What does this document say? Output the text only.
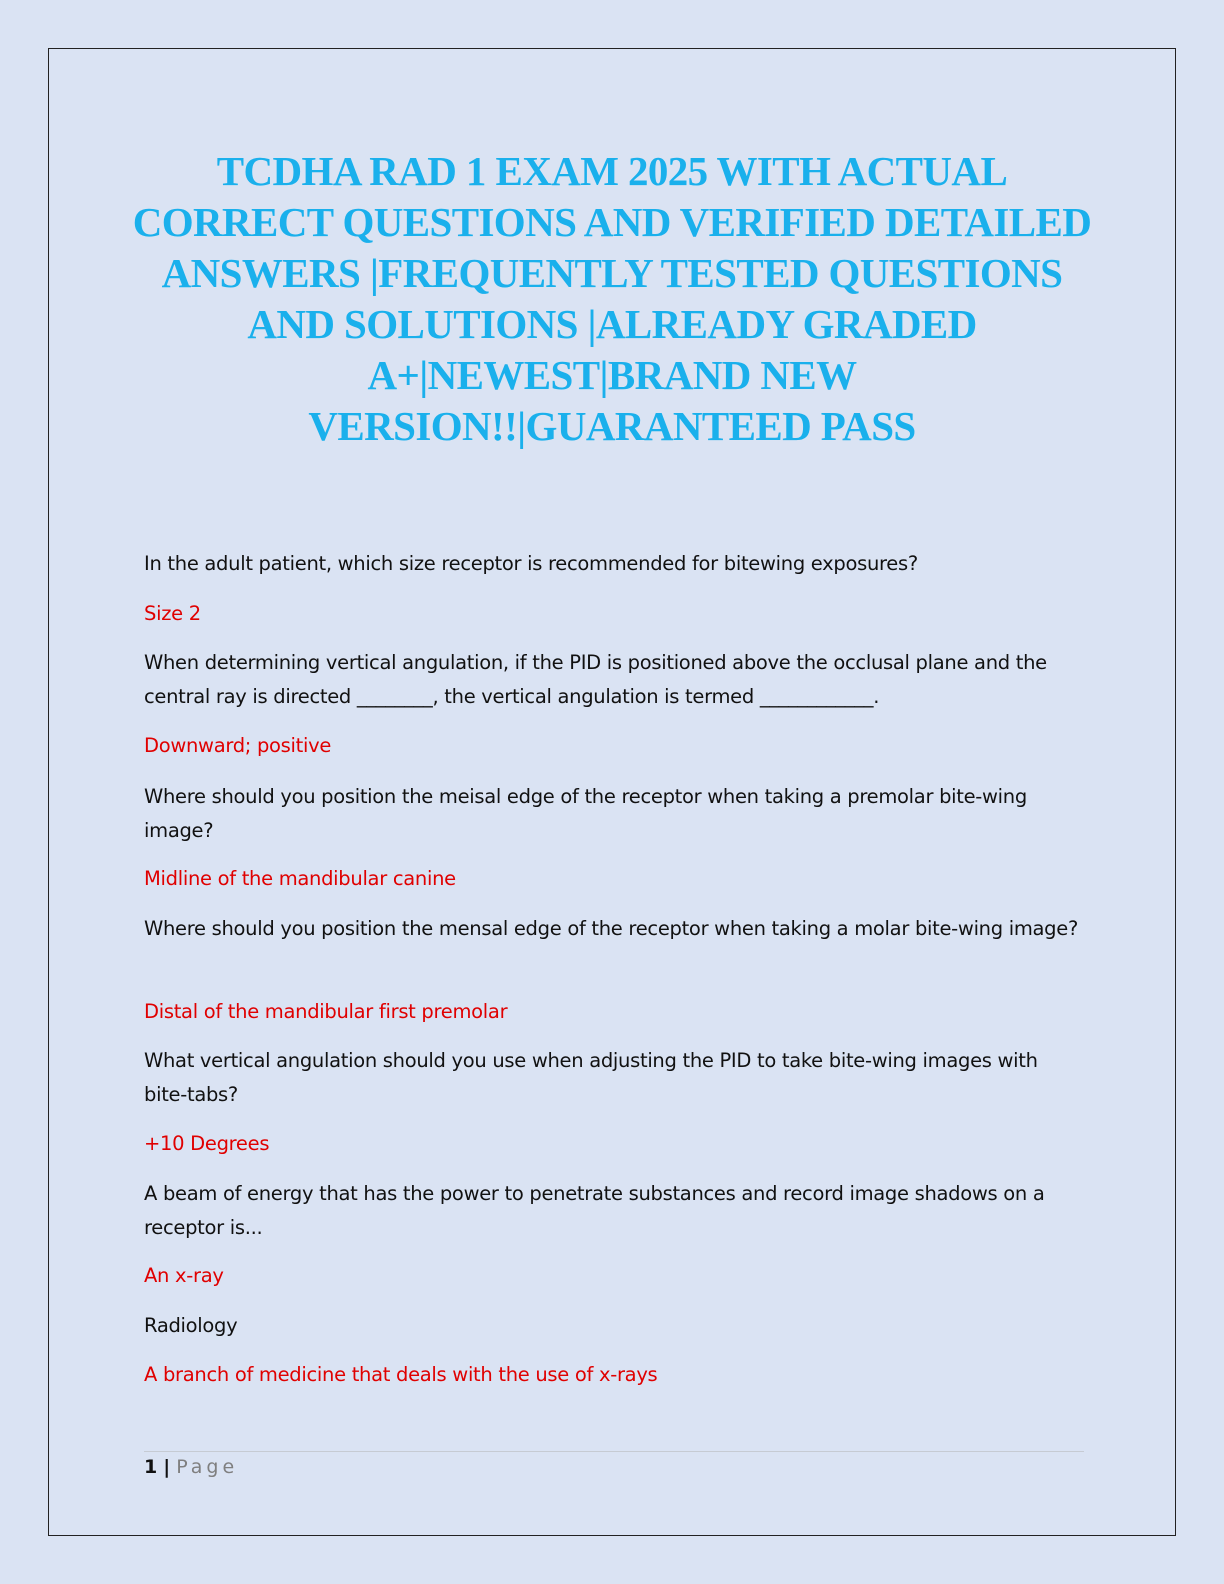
TCDHA RAD 1 EXAM 2025 WITH ACTUAL CORRECT QUESTIONS AND VERIFIED DETAILED ANSWERS |FREQUENTLY TESTED QUESTIONS AND SOLUTIONS |ALREADY GRADED A+|NEWEST|BRAND NEW VERSION!!|GUARANTEED PASS

In the adult patient, which size receptor is recommended for bitewing exposures?

Size 2

When determining vertical angulation, if the PID is positioned above the occlusal plane and the central ray is directed ________, the vertical angulation is termed ____________.

Downward; positive

Where should you position the meisal edge of the receptor when taking a premolar bite-wing image?

Midline of the mandibular canine

Where should you position the mensal edge of the receptor when taking a molar bite-wing image?

Distal of the mandibular first premolar

What vertical angulation should you use when adjusting the PID to take bite-wing images with bite-tabs?

+10 Degrees

A beam of energy that has the power to penetrate substances and record image shadows on a receptor is...

An x-ray

Radiology

A branch of medicine that deals with the use of x-rays

1 | Page
